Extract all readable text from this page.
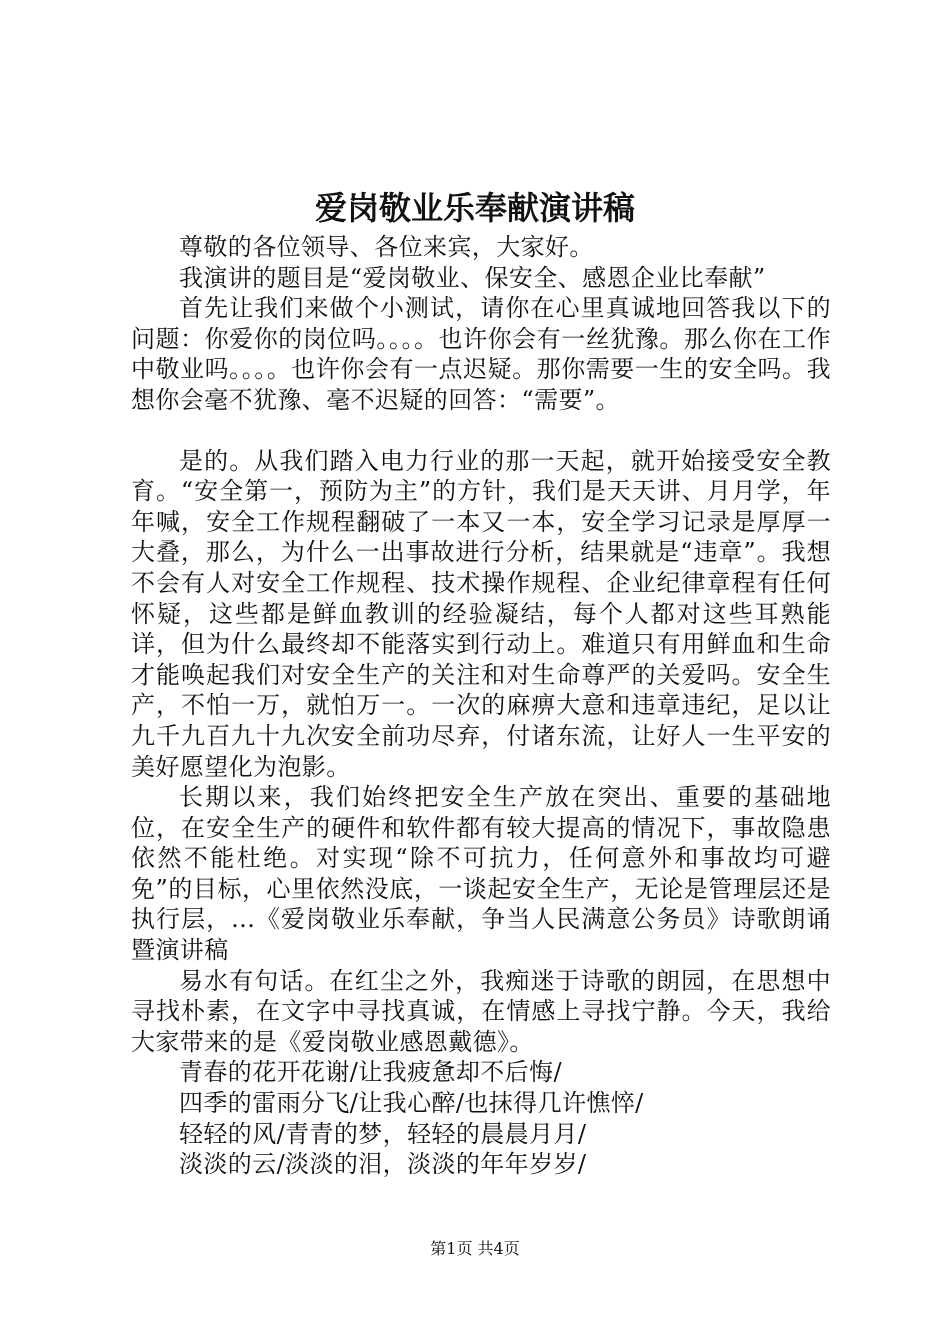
爱岗敬业乐奉献演讲稿

尊敬的各位领导、各位来宾，大家好。

我演讲的题目是“爱岗敬业、保安全、感恩企业比奉献”

首先让我们来做个小测试，请你在心里真诚地回答我以下的问题：你爱你的岗位吗。。。。也许你会有一丝犹豫。那么你在工作中敬业吗。。。。也许你会有一点迟疑。那你需要一生的安全吗。我想你会毫不犹豫、毫不迟疑的回答：“需要”。

是的。从我们踏入电力行业的那一天起，就开始接受安全教育。“安全第一，预防为主”的方针，我们是天天讲、月月学，年年喊，安全工作规程翻破了一本又一本，安全学习记录是厚厚一大叠，那么，为什么一出事故进行分析，结果就是“违章”。我想不会有人对安全工作规程、技术操作规程、企业纪律章程有任何怀疑，这些都是鲜血教训的经验凝结，每个人都对这些耳熟能详，但为什么最终却不能落实到行动上。难道只有用鲜血和生命才能唤起我们对安全生产的关注和对生命尊严的关爱吗。安全生产，不怕一万，就怕万一。一次的麻痹大意和违章违纪，足以让九千九百九十九次安全前功尽弃，付诸东流，让好人一生平安的美好愿望化为泡影。

长期以来，我们始终把安全生产放在突出、重要的基础地位，在安全生产的硬件和软件都有较大提高的情况下，事故隐患依然不能杜绝。对实现“除不可抗力，任何意外和事故均可避免”的目标，心里依然没底，一谈起安全生产，无论是管理层还是执行层，...《爱岗敬业乐奉献，争当人民满意公务员》诗歌朗诵暨演讲稿

易水有句话。在红尘之外，我痴迷于诗歌的朗园，在思想中寻找朴素，在文字中寻找真诚，在情感上寻找宁静。今天，我给大家带来的是《爱岗敬业感恩戴德》。

青春的花开花谢/让我疲惫却不后悔/

四季的雷雨分飞/让我心醉/也抹得几许憔悴/

轻轻的风/青青的梦，轻轻的晨晨月月/

淡淡的云/淡淡的泪，淡淡的年年岁岁/

第1页 共4页
